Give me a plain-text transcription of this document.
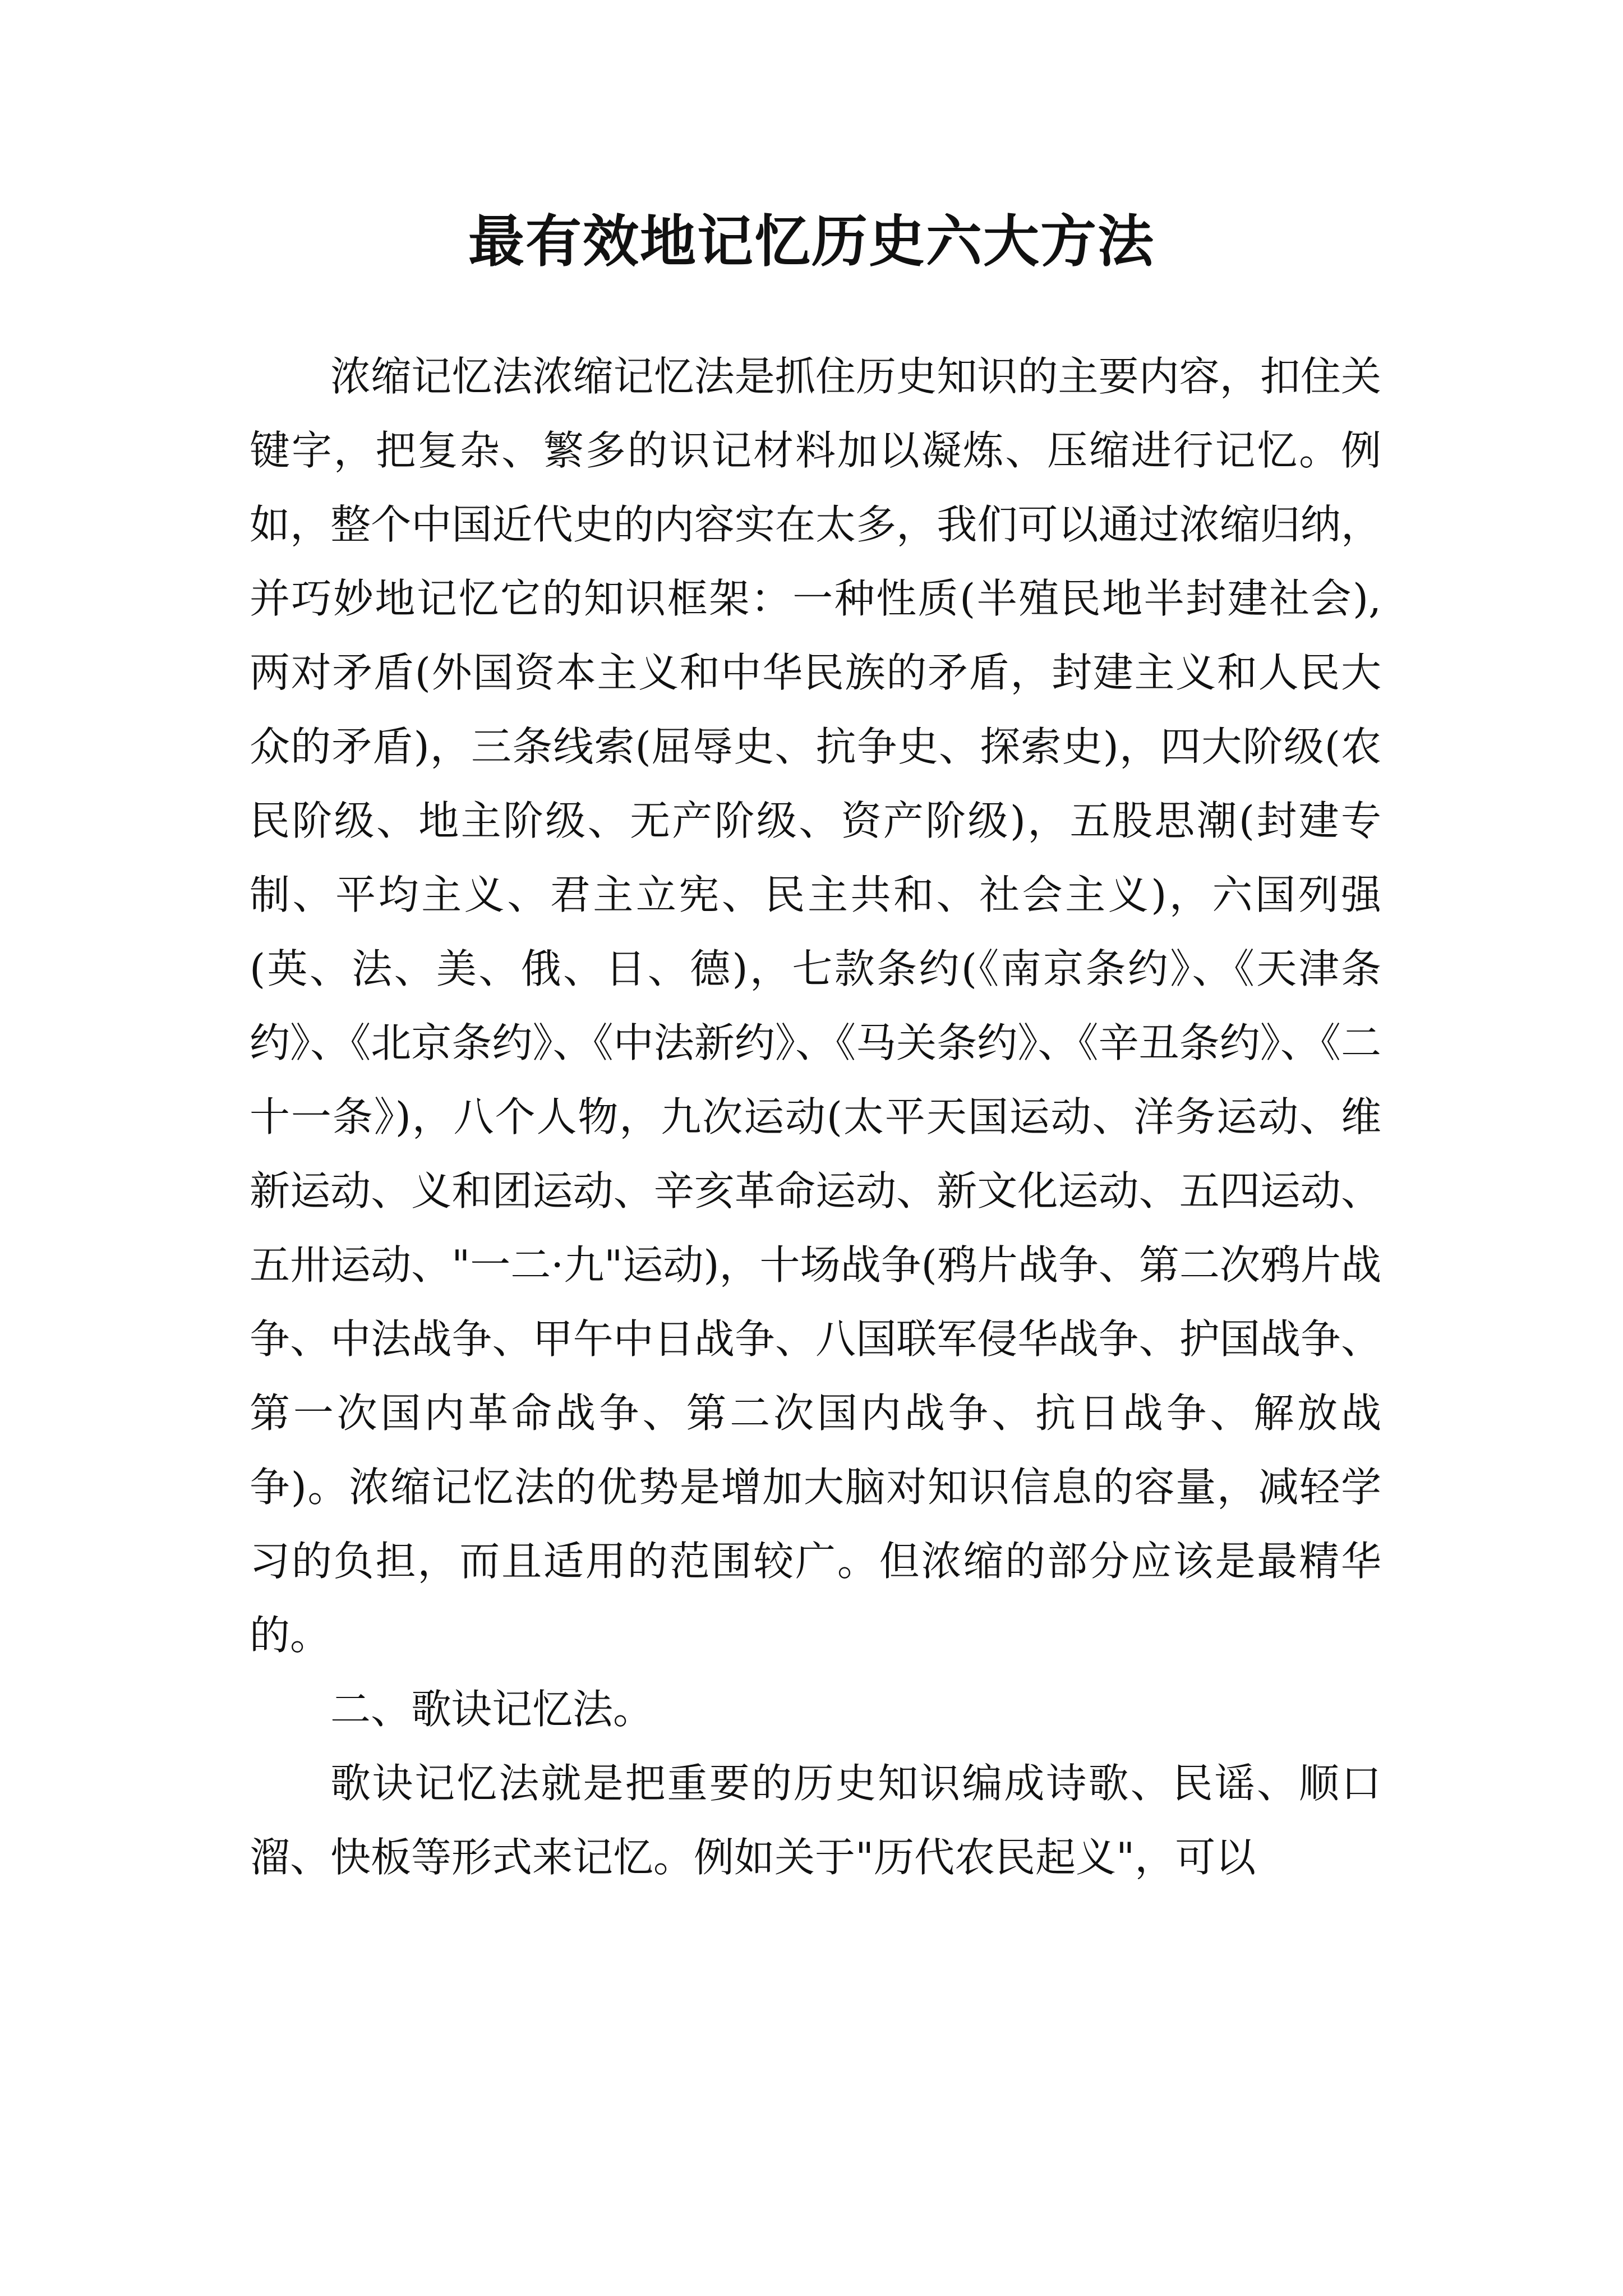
最有效地记忆历史六大方法

浓缩记忆法浓缩记忆法是抓住历史知识的主要内容，扣住关键字，把复杂、繁多的识记材料加以凝炼、压缩进行记忆。例如，整个中国近代史的内容实在太多，我们可以通过浓缩归纳，并巧妙地记忆它的知识框架：一种性质(半殖民地半封建社会),两对矛盾(外国资本主义和中华民族的矛盾，封建主义和人民大众的矛盾)，三条线索(屈辱史、抗争史、探索史)，四大阶级(农民阶级、地主阶级、无产阶级、资产阶级)，五股思潮(封建专制、平均主义、君主立宪、民主共和、社会主义)，六国列强(英、法、美、俄、日、德)，七款条约(《南京条约》、《天津条约》、《北京条约》、《中法新约》、《马关条约》、《辛丑条约》、《二十一条》)，八个人物，九次运动(太平天国运动、洋务运动、维新运动、义和团运动、辛亥革命运动、新文化运动、五四运动、五卅运动、"一二·九"运动)，十场战争(鸦片战争、第二次鸦片战争、中法战争、甲午中日战争、八国联军侵华战争、护国战争、第一次国内革命战争、第二次国内战争、抗日战争、解放战争)。浓缩记忆法的优势是增加大脑对知识信息的容量，减轻学习的负担，而且适用的范围较广。但浓缩的部分应该是最精华的。

二、歌诀记忆法。

歌诀记忆法就是把重要的历史知识编成诗歌、民谣、顺口溜、快板等形式来记忆。例如关于"历代农民起义"，可以
